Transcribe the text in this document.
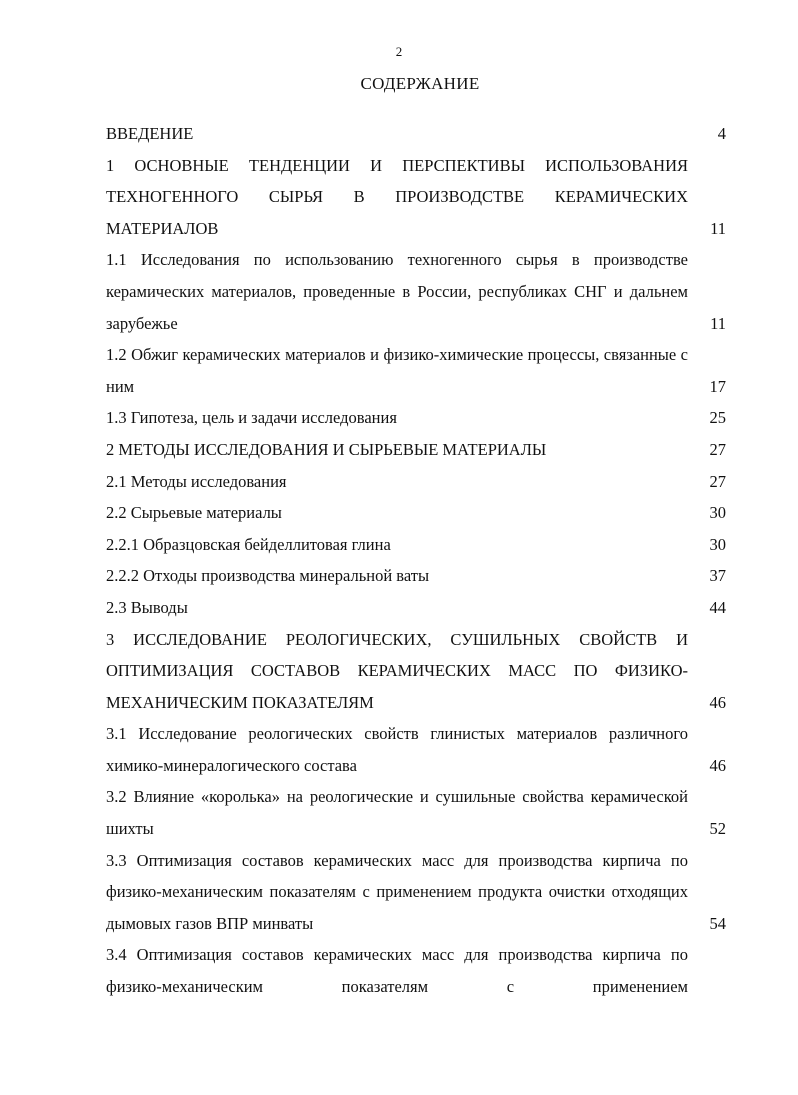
2
СОДЕРЖАНИЕ
ВВЕДЕНИЕ	4
1 ОСНОВНЫЕ ТЕНДЕНЦИИ И ПЕРСПЕКТИВЫ ИСПОЛЬЗОВАНИЯ ТЕХНОГЕННОГО СЫРЬЯ В ПРОИЗВОДСТВЕ КЕРАМИЧЕСКИХ МАТЕРИАЛОВ	11
1.1 Исследования по использованию техногенного сырья в производстве керамических материалов, проведенные в России, республиках СНГ и дальнем зарубежье	11
1.2 Обжиг керамических материалов и физико-химические процессы, связанные с ним	17
1.3 Гипотеза, цель и задачи исследования	25
2 МЕТОДЫ ИССЛЕДОВАНИЯ И СЫРЬЕВЫЕ МАТЕРИАЛЫ	27
2.1 Методы исследования	27
2.2 Сырьевые материалы	30
2.2.1 Образцовская бейделлитовая глина	30
2.2.2 Отходы производства минеральной ваты	37
2.3 Выводы	44
3 ИССЛЕДОВАНИЕ РЕОЛОГИЧЕСКИХ, СУШИЛЬНЫХ СВОЙСТВ И ОПТИМИЗАЦИЯ СОСТАВОВ КЕРАМИЧЕСКИХ МАСС ПО ФИЗИКО-МЕХАНИЧЕСКИМ ПОКАЗАТЕЛЯМ	46
3.1 Исследование реологических свойств глинистых материалов различного химико-минералогического состава	46
3.2 Влияние «королька» на реологические и сушильные свойства керамической шихты	52
3.3 Оптимизация составов керамических масс для производства кирпича по физико-механическим показателям с применением продукта очистки отходящих дымовых газов ВПР минваты	54
3.4 Оптимизация составов керамических масс для производства кирпича по физико-механическим показателям с применением
